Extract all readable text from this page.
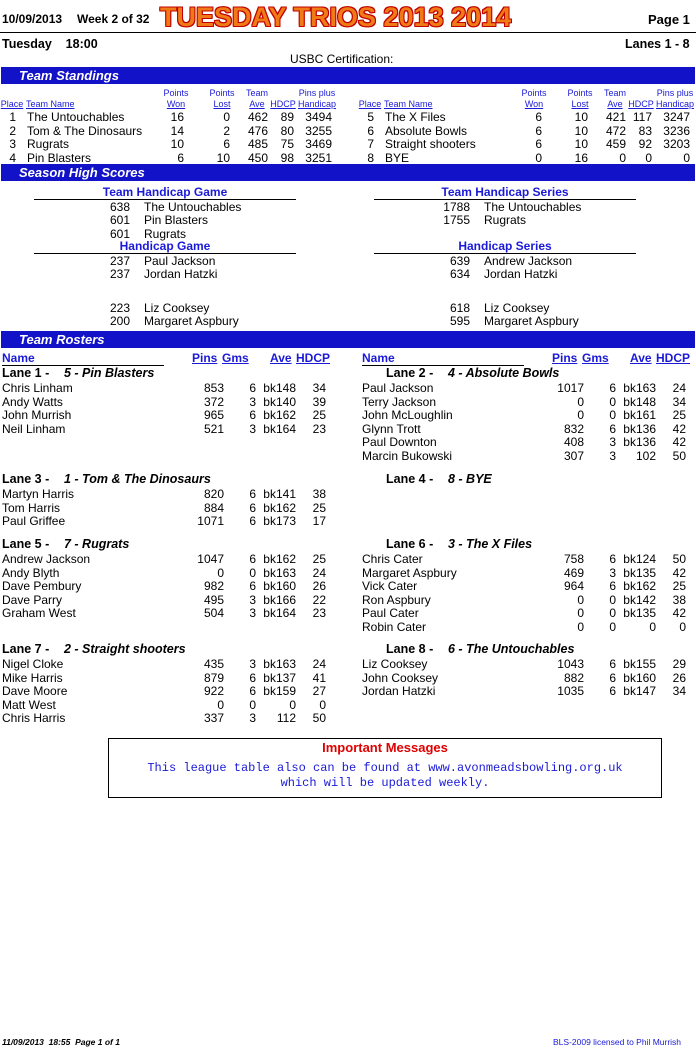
10/09/2013 Week 2 of 32 TUESDAY TRIOS 2013 2014	Page 1
Tuesday    18:00	Lanes 1 - 8
USBC Certification:
Team Standings
Place Team Name
Points
Won
Points
Lost
Team
Ave HDCP
Pins plus
Handicap
1 The Untouchables	16	0	462	89 3494
2 Tom & The Dinosaurs	14	2	476	80 3255
3 Rugrats	10	6	485	75 3469
4 Pin Blasters	6	10	450	98 3251
Place Team Name
Points
Won
Points
Lost
Team
Ave HDCP
Pins plus
Handicap
5 The X Files	6	10	421 117 3247
6 Absolute Bowls	6	10	472	83 3236
7 Straight shooters	6	10	459	92 3203
8 BYE	0	16	0	0	0
Season High Scores
Team Handicap Game
638 The Untouchables
601 Pin Blasters
601 Rugrats
Team Handicap Series
1788 The Untouchables
1755 Rugrats
Handicap Game
237 Paul Jackson
237 Jordan Hatzki
223 Liz Cooksey
200 Margaret Aspbury
Handicap Series
639 Andrew Jackson
634 Jordan Hatzki
618 Liz Cooksey
595 Margaret Aspbury
Team Rosters
Name	Pins Gms Ave HDCP	Name	Pins Gms Ave HDCP
Lane 1 - 5 - Pin Blasters
Chris Linham	853	6 bk148	34
Andy Watts	372	3 bk140	39
John Murrish	965	6 bk162	25
Neil Linham	521	3 bk164	23
Lane 2 - 4 - Absolute Bowls
Paul Jackson	1017	6 bk163	24
Terry Jackson	0	0 bk148	34
John McLoughlin	0	0 bk161	25
Glynn Trott	832	6 bk136	42
Paul Downton	408	3 bk136	42
Marcin Bukowski	307	3	102	50
Lane 3 - 1 - Tom & The Dinosaurs
Martyn Harris	820	6 bk141	38
Tom Harris	884	6 bk162	25
Paul Griffee	1071	6 bk173	17
Lane 4 - 8 - BYE
Lane 5 - 7 - Rugrats
Andrew Jackson	1047	6 bk162	25
Andy Blyth	0	0 bk163	24
Dave Pembury	982	6 bk160	26
Dave Parry	495	3 bk166	22
Graham West	504	3 bk164	23
Lane 6 - 3 - The X Files
Chris Cater	758	6 bk124	50
Margaret Aspbury	469	3 bk135	42
Vick Cater	964	6 bk162	25
Ron Aspbury	0	0 bk142	38
Paul Cater	0	0 bk135	42
Robin Cater	0	0	0	0
Lane 7 - 2 - Straight shooters
Nigel Cloke	435	3 bk163	24
Mike Harris	879	6 bk137	41
Dave Moore	922	6 bk159	27
Matt West	0	0	0	0
Chris Harris	337	3	112	50
Lane 8 - 6 - The Untouchables
Liz Cooksey	1043	6 bk155	29
John Cooksey	882	6 bk160	26
Jordan Hatzki	1035	6 bk147	34
Important Messages
This league table also can be found at www.avonmeadsbowling.org.uk
which will be updated weekly.
11/09/2013  18:55  Page 1 of 1	BLS-2009 licensed to Phil Murrish
